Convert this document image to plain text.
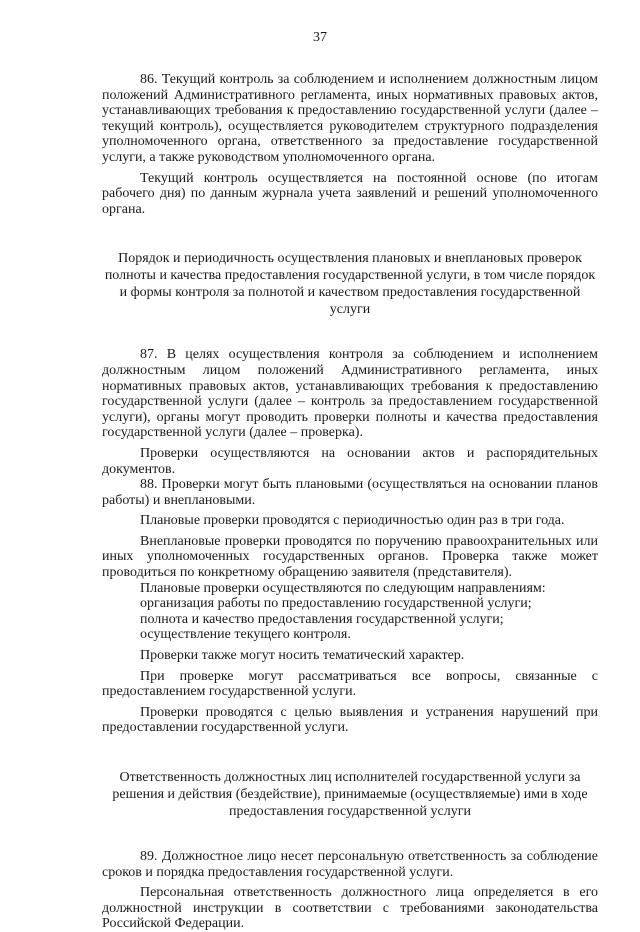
37

86. Текущий контроль за соблюдением и исполнением должностным лицом положений Административного регламента, иных нормативных правовых актов, устанавливающих требования к предоставлению государственной услуги (далее – текущий контроль), осуществляется руководителем структурного подразделения уполномоченного органа, ответственного за предоставление государственной услуги, а также руководством уполномоченного органа.

Текущий контроль осуществляется на постоянной основе (по итогам рабочего дня) по данным журнала учета заявлений и решений уполномоченного органа.

Порядок и периодичность осуществления плановых и внеплановых проверок полноты и качества предоставления государственной услуги, в том числе порядок и формы контроля за полнотой и качеством предоставления государственной услуги

87. В целях осуществления контроля за соблюдением и исполнением должностным лицом положений Административного регламента, иных нормативных правовых актов, устанавливающих требования к предоставлению государственной услуги (далее – контроль за предоставлением государственной услуги), органы могут проводить проверки полноты и качества предоставления государственной услуги (далее – проверка).

Проверки осуществляются на основании актов и распорядительных документов.

88. Проверки могут быть плановыми (осуществляться на основании планов работы) и внеплановыми.

Плановые проверки проводятся с периодичностью один раз в три года.

Внеплановые проверки проводятся по поручению правоохранительных или иных уполномоченных государственных органов. Проверка также может проводиться по конкретному обращению заявителя (представителя).

Плановые проверки осуществляются по следующим направлениям:

организация работы по предоставлению государственной услуги;

полнота и качество предоставления государственной услуги;

осуществление текущего контроля.

Проверки также могут носить тематический характер.

При проверке могут рассматриваться все вопросы, связанные с предоставлением государственной услуги.

Проверки проводятся с целью выявления и устранения нарушений при предоставлении государственной услуги.

Ответственность должностных лиц исполнителей государственной услуги за решения и действия (бездействие), принимаемые (осуществляемые) ими в ходе предоставления государственной услуги

89. Должностное лицо несет персональную ответственность за соблюдение сроков и порядка предоставления государственной услуги.

Персональная ответственность должностного лица определяется в его должностной инструкции в соответствии с требованиями законодательства Российской Федерации.
